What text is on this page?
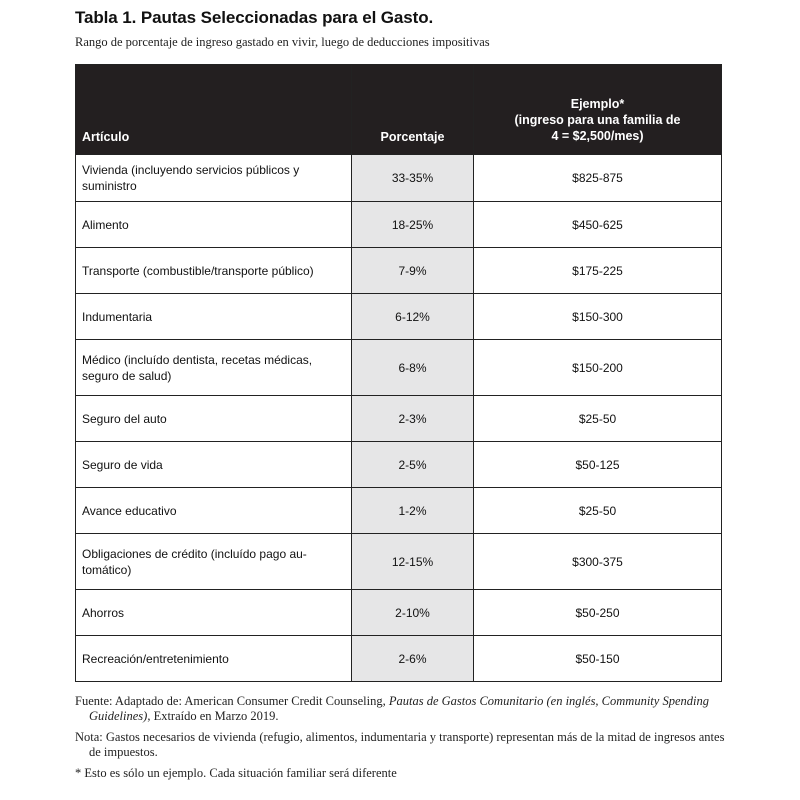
Tabla 1. Pautas Seleccionadas para el Gasto.
Rango de porcentaje de ingreso gastado en vivir, luego de deducciones impositivas
Artículo	Porcentaje	Ejemplo*
(ingreso para una familia de
4 = $2,500/mes)

Vivienda (incluyendo servicios públicos y
suministro	33-35%	$825-875

Alimento	18-25%	$450-625

Transporte (combustible/transporte público)	7-9%	$175-225

Indumentaria	6-12%	$150-300

Médico (incluído dentista, recetas médicas,
seguro de salud)	6-8%	$150-200

Seguro del auto	2-3%	$25-50

Seguro de vida	2-5%	$50-125

Avance educativo	1-2%	$25-50

Obligaciones de crédito (incluído pago au-
tomático)	12-15%	$300-375

Ahorros	2-10%	$50-250

Recreación/entretenimiento	2-6%	$50-150

Fuente: Adaptado de: American Consumer Credit Counseling, Pautas de Gastos Comunitario (en inglés, Community Spending Guidelines), Extraído en Marzo 2019.

Nota: Gastos necesarios de vivienda (refugio, alimentos, indumentaria y transporte) representan más de la mitad de ingresos antes de impuestos.

* Esto es sólo un ejemplo. Cada situación familiar será diferente
